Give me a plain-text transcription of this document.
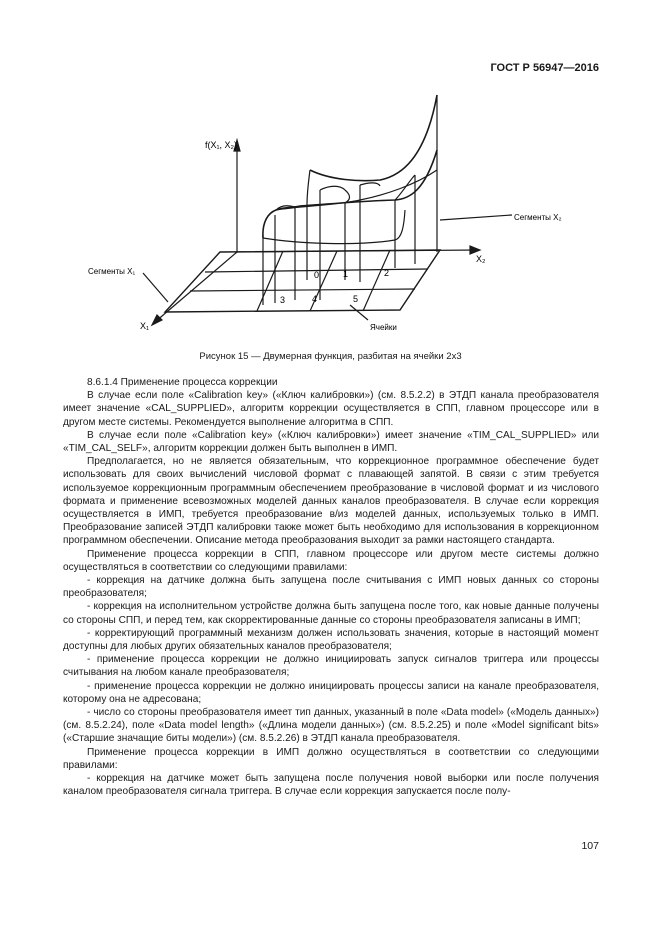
ГОСТ Р 56947—2016
f(X₁, X₂)
X₂
X₁
Сегменты X₂
Сегменты X₁
Ячейки
0	1	2
3	4	5
Рисунок 15 — Двумерная функция, разбитая на ячейки 2х3

8.6.1.4 Применение процесса коррекции

В случае если поле «Calibration key» («Ключ калибровки») (см. 8.5.2.2) в ЭТДП канала преобразователя имеет значение «CAL_SUPPLIED», алгоритм коррекции осуществляется в СПП, главном процессоре или в другом месте системы. Рекомендуется выполнение алгоритма в СПП.

В случае если поле «Calibration key» («Ключ калибровки») имеет значение «TIM_CAL_SUPPLIED» или «TIM_CAL_SELF», алгоритм коррекции должен быть выполнен в ИМП.

Предполагается, но не является обязательным, что коррекционное программное обеспечение будет использовать для своих вычислений числовой формат с плавающей запятой. В связи с этим требуется используемое коррекционным программным обеспечением преобразование в числовой формат и из числового формата и применение всевозможных моделей данных каналов преобразователя. В случае если коррекция осуществляется в ИМП, требуется преобразование в/из моделей данных, используемых только в ИМП. Преобразование записей ЭТДП калибровки также может быть необходимо для использования в коррекционном программном обеспечении. Описание метода преобразования выходит за рамки настоящего стандарта.

Применение процесса коррекции в СПП, главном процессоре или другом месте системы должно осуществляться в соответствии со следующими правилами:

- коррекция на датчике должна быть запущена после считывания с ИМП новых данных со стороны преобразователя;

- коррекция на исполнительном устройстве должна быть запущена после того, как новые данные получены со стороны СПП, и перед тем, как скорректированные данные со стороны преобразователя записаны в ИМП;

- корректирующий программный механизм должен использовать значения, которые в настоящий момент доступны для любых других обязательных каналов преобразователя;

- применение процесса коррекции не должно инициировать запуск сигналов триггера или процессы считывания на любом канале преобразователя;

- применение процесса коррекции не должно инициировать процессы записи на канале преобразователя, которому она не адресована;

- число со стороны преобразователя имеет тип данных, указанный в поле «Data model» («Модель данных») (см. 8.5.2.24), поле «Data model length» («Длина модели данных») (см. 8.5.2.25) и поле «Model significant bits» («Старшие значащие биты модели») (см. 8.5.2.26) в ЭТДП канала преобразователя.

Применение процесса коррекции в ИМП должно осуществляться в соответствии со следующими правилами:

- коррекция на датчике может быть запущена после получения новой выборки или после получения каналом преобразователя сигнала триггера. В случае если коррекция запускается после полу-

107
